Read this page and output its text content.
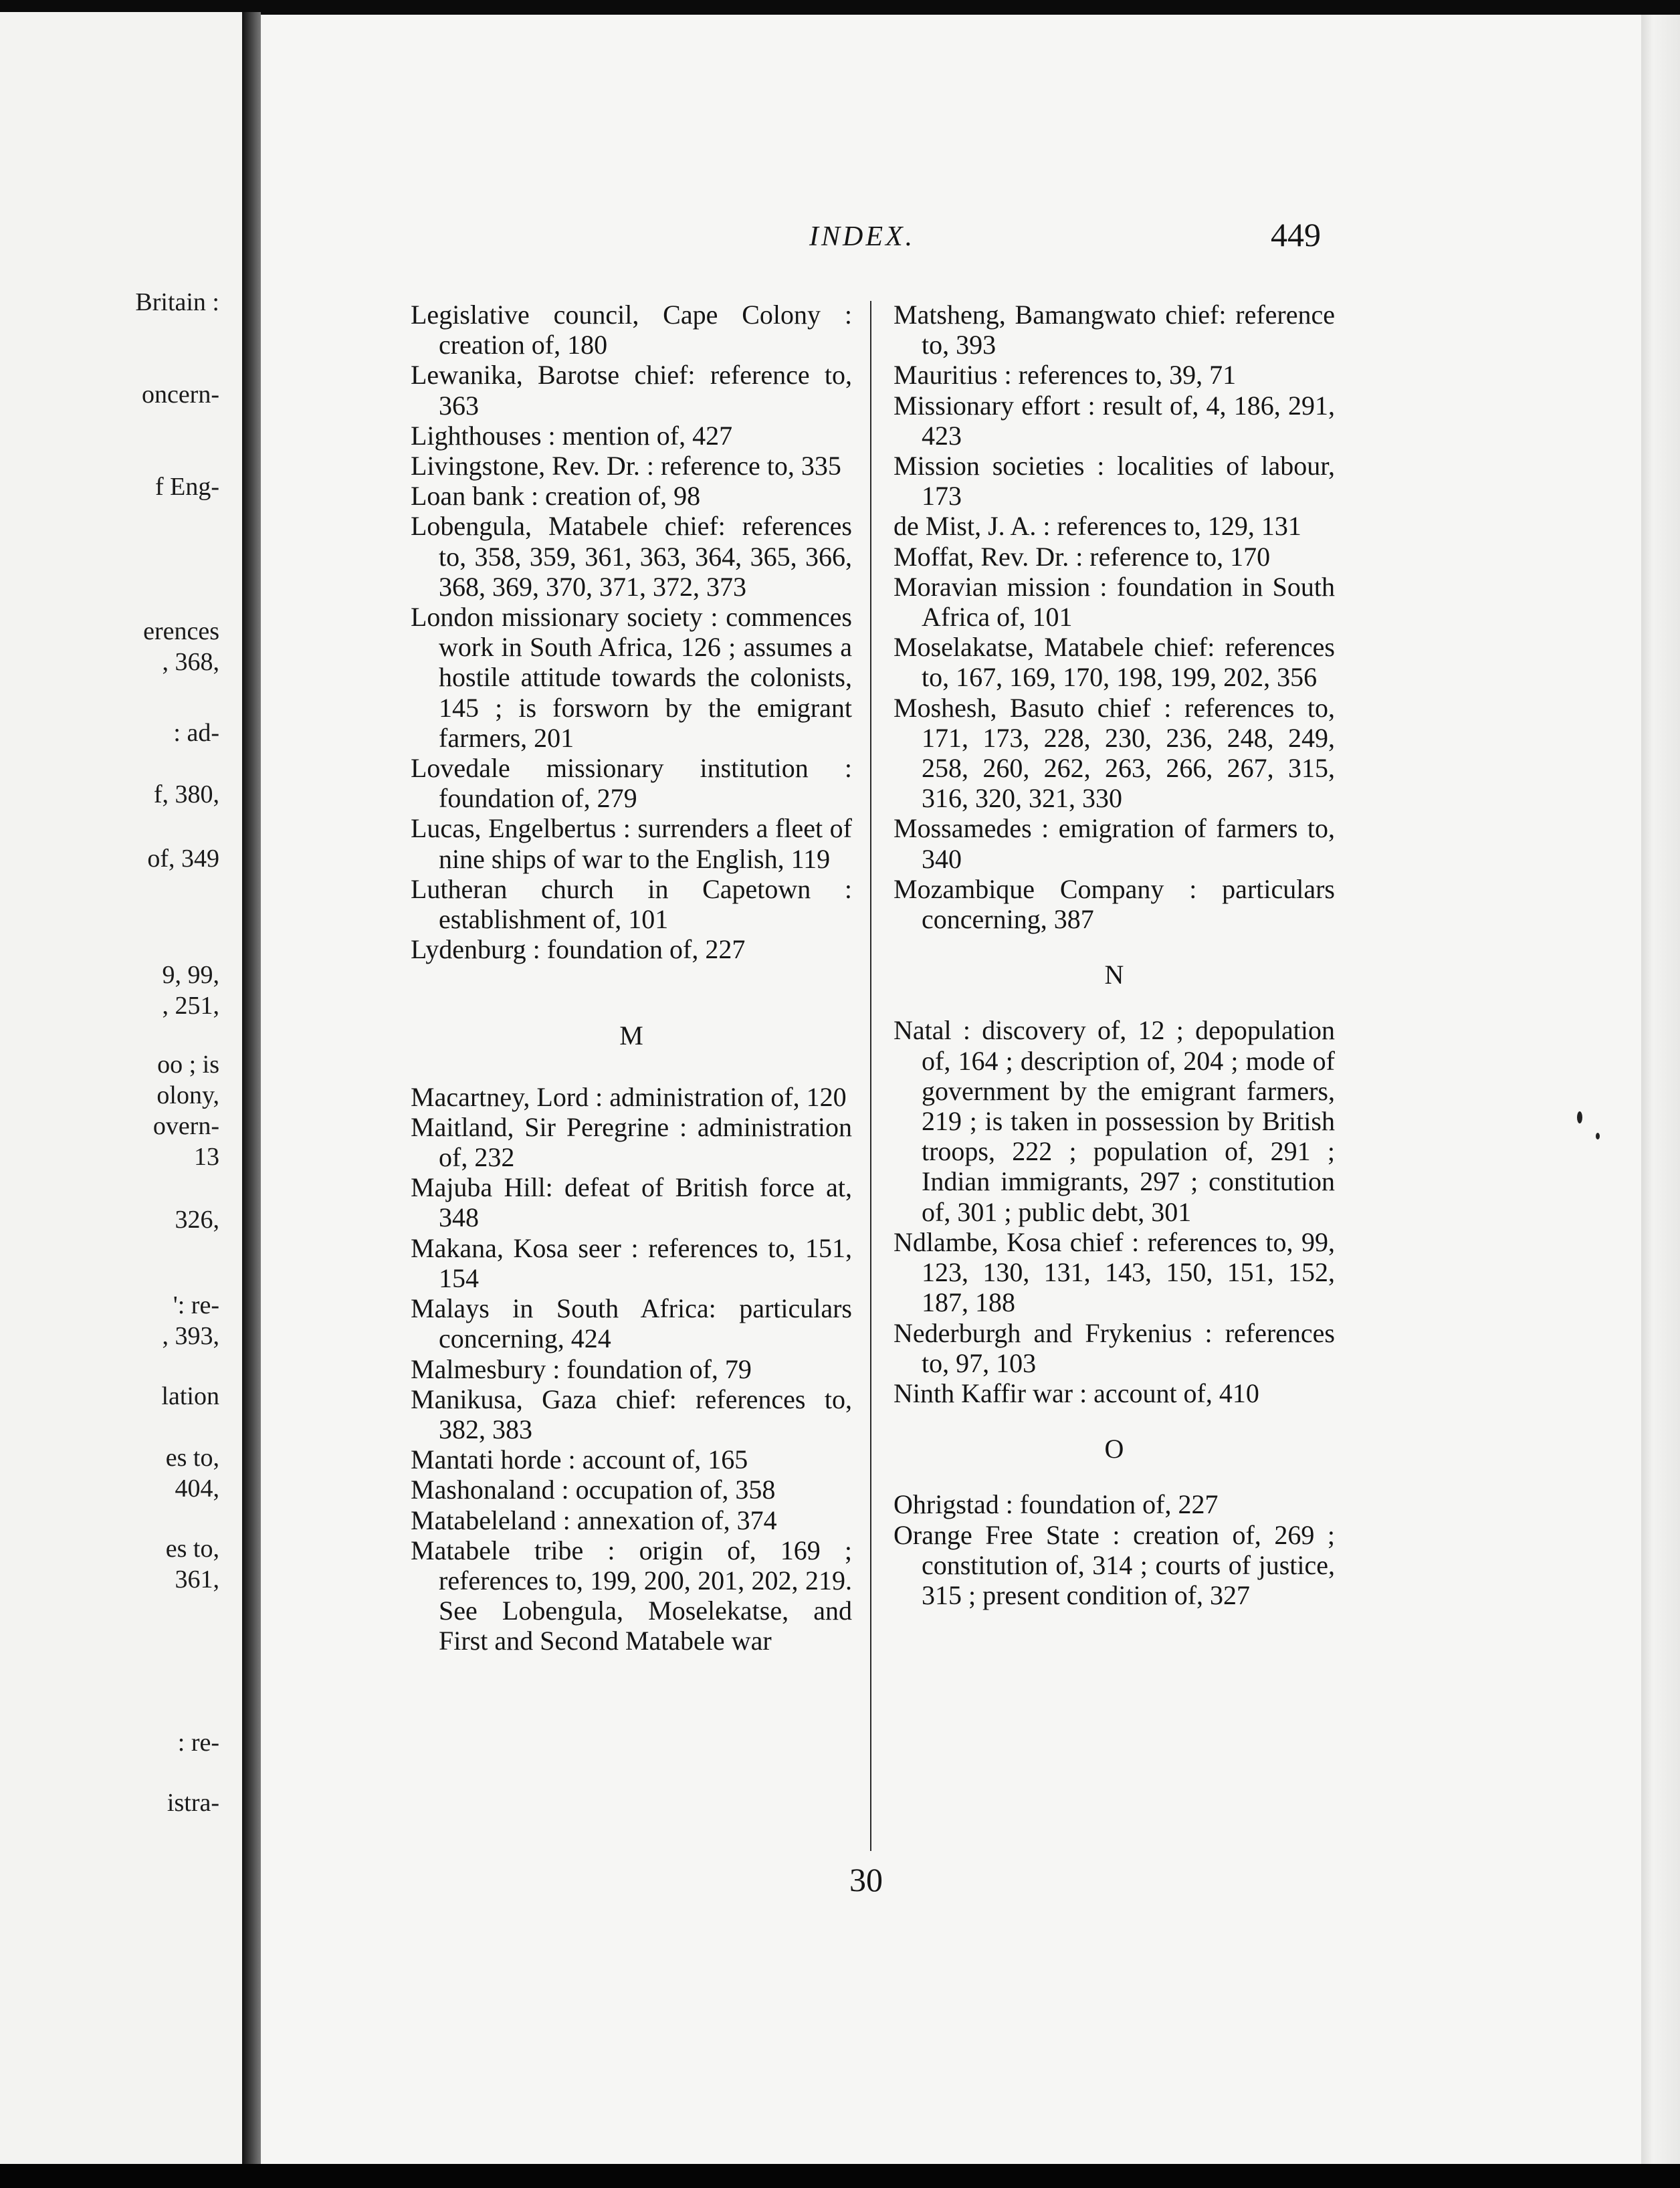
Britain :
oncern-
f Eng-
erences
, 368,
: ad-
f, 380,
of, 349
9, 99,
, 251,
oo ; is
olony,
overn-
13
326,
': re-
, 393,
lation
es to,
404,
es to,
361,
: re-
istra-
INDEX.	449
Legislative council, Cape Colony : creation of, 180
Lewanika, Barotse chief: reference to, 363
Lighthouses : mention of, 427
Livingstone, Rev. Dr. : reference to, 335
Loan bank : creation of, 98
Lobengula, Matabele chief: references to, 358, 359, 361, 363, 364, 365, 366, 368, 369, 370, 371, 372, 373
London missionary society : commences work in South Africa, 126 ; assumes a hostile attitude towards the colonists, 145 ; is forsworn by the emigrant farmers, 201
Lovedale missionary institution : foundation of, 279
Lucas, Engelbertus : surrenders a fleet of nine ships of war to the English, 119
Lutheran church in Capetown : establishment of, 101
Lydenburg : foundation of, 227
M
Macartney, Lord : administration of, 120
Maitland, Sir Peregrine : administration of, 232
Majuba Hill: defeat of British force at, 348
Makana, Kosa seer : references to, 151, 154
Malays in South Africa: particulars concerning, 424
Malmesbury : foundation of, 79
Manikusa, Gaza chief: references to, 382, 383
Mantati horde : account of, 165
Mashonaland : occupation of, 358
Matabeleland : annexation of, 374
Matabele tribe : origin of, 169 ; references to, 199, 200, 201, 202, 219. See Lobengula, Moselekatse, and First and Second Matabele war
Matsheng, Bamangwato chief: reference to, 393
Mauritius : references to, 39, 71
Missionary effort : result of, 4, 186, 291, 423
Mission societies : localities of labour, 173
de Mist, J. A. : references to, 129, 131
Moffat, Rev. Dr. : reference to, 170
Moravian mission : foundation in South Africa of, 101
Moselakatse, Matabele chief: references to, 167, 169, 170, 198, 199, 202, 356
Moshesh, Basuto chief : references to, 171, 173, 228, 230, 236, 248, 249, 258, 260, 262, 263, 266, 267, 315, 316, 320, 321, 330
Mossamedes : emigration of farmers to, 340
Mozambique Company : particulars concerning, 387
N
Natal : discovery of, 12 ; depopulation of, 164 ; description of, 204 ; mode of government by the emigrant farmers, 219 ; is taken in possession by British troops, 222 ; population of, 291 ; Indian immigrants, 297 ; constitution of, 301 ; public debt, 301
Ndlambe, Kosa chief : references to, 99, 123, 130, 131, 143, 150, 151, 152, 187, 188
Nederburgh and Frykenius : references to, 97, 103
Ninth Kaffir war : account of, 410
O
Ohrigstad : foundation of, 227
Orange Free State : creation of, 269 ; constitution of, 314 ; courts of justice, 315 ; present condition of, 327
30
